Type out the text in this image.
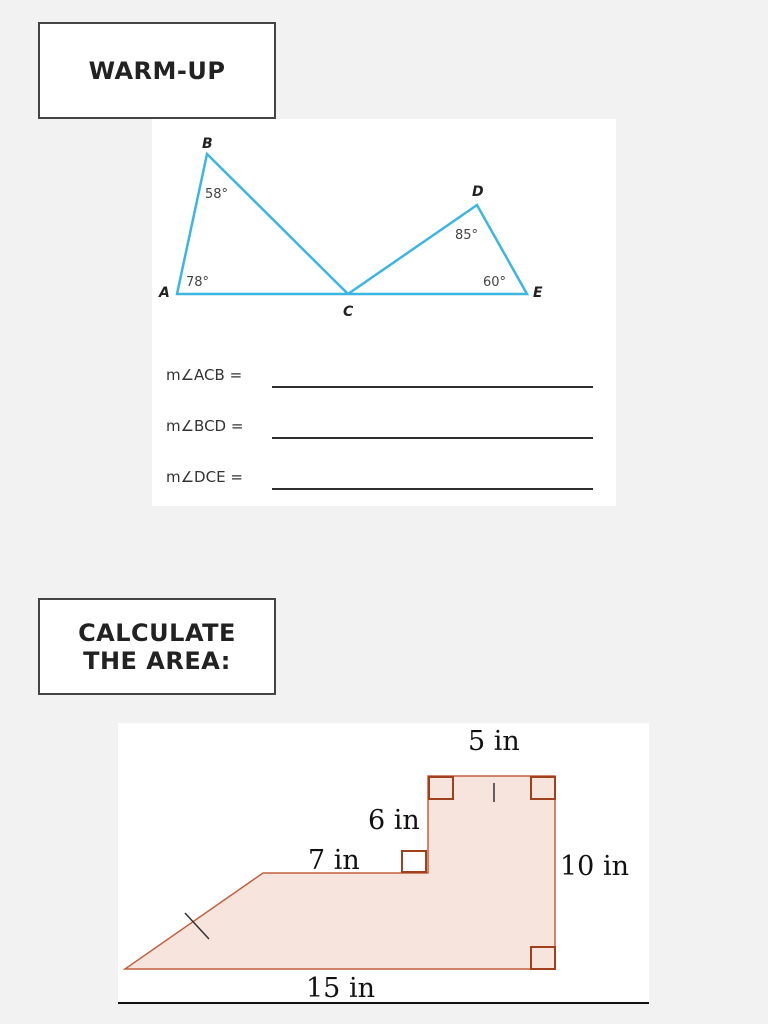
WARM-UP
CALCULATE
THE AREA:
B
A
C
D
E
58°
78°
85°
60°
m∠ACB =
m∠BCD =
m∠DCE =
5 in
6 in
7 in	10 in
15 in
